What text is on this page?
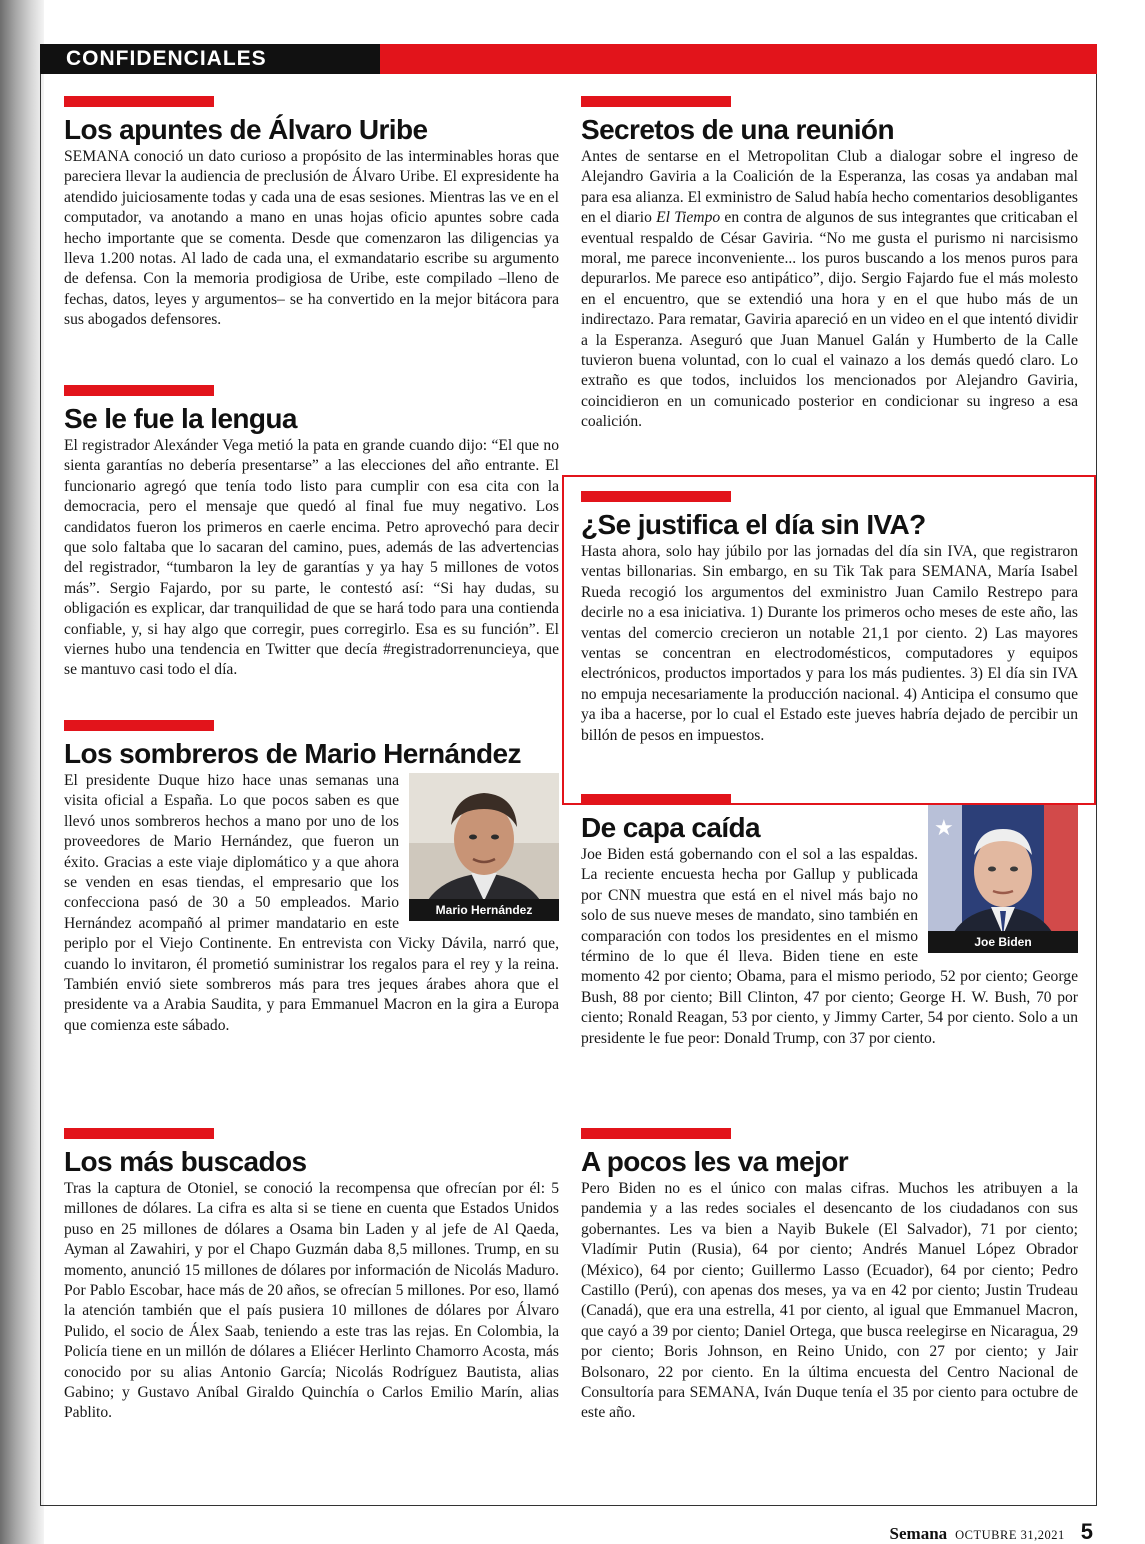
CONFIDENCIALES
Los apuntes de Álvaro Uribe

SEMANA conoció un dato curioso a propósito de las interminables horas que pareciera llevar la audiencia de preclusión de Álvaro Uribe. El expresidente ha atendido juiciosamente todas y cada una de esas sesiones. Mientras las ve en el computador, va anotando a mano en unas hojas oficio apuntes sobre cada hecho importante que se comenta. Desde que comenzaron las diligencias ya lleva 1.200 notas. Al lado de cada una, el exmandatario escribe su argumento de defensa. Con la memoria prodigiosa de Uribe, este compilado –lleno de fechas, datos, leyes y argumentos– se ha convertido en la mejor bitácora para sus abogados defensores.

Se le fue la lengua

El registrador Alexánder Vega metió la pata en grande cuando dijo: “El que no sienta garantías no debería presentarse” a las elecciones del año entrante. El funcionario agregó que tenía todo listo para cumplir con esa cita con la democracia, pero el mensaje que quedó al final fue muy negativo. Los candidatos fueron los primeros en caerle encima. Petro aprovechó para decir que solo faltaba que lo sacaran del camino, pues, además de las advertencias del registrador, “tumbaron la ley de garantías y ya hay 5 millones de votos más”. Sergio Fajardo, por su parte, le contestó así: “Si hay dudas, su obligación es explicar, dar tranquilidad de que se hará todo para una contienda confiable, y, si hay algo que corregir, pues corregirlo. Esa es su función”. El viernes hubo una tendencia en Twitter que decía #registradorrenuncieya, que se mantuvo casi todo el día.

Los sombreros de Mario Hernández

Mario Hernández
El presidente Duque hizo hace unas semanas una visita oficial a España. Lo que pocos saben es que llevó unos sombreros hechos a mano por uno de los proveedores de Mario Hernández, que fueron un éxito. Gracias a este viaje diplomático y a que ahora se venden en esas tiendas, el empresario que los confecciona pasó de 30 a 50 empleados. Mario Hernández acompañó al primer mandatario en este periplo por el Viejo Continente. En entrevista con Vicky Dávila, narró que, cuando lo invitaron, él prometió suministrar los regalos para el rey y la reina. También envió siete sombreros más para tres jeques árabes ahora que el presidente va a Arabia Saudita, y para Emmanuel Macron en la gira a Europa que comienza este sábado.

Los más buscados

Tras la captura de Otoniel, se conoció la recompensa que ofrecían por él: 5 millones de dólares. La cifra es alta si se tiene en cuenta que Estados Unidos puso en 25 millones de dólares a Osama bin Laden y al jefe de Al Qaeda, Ayman al Zawahiri, y por el Chapo Guzmán daba 8,5 millones. Trump, en su momento, anunció 15 millones de dólares por información de Nicolás Maduro. Por Pablo Escobar, hace más de 20 años, se ofrecían 5 millones. Por eso, llamó la atención también que el país pusiera 10 millones de dólares por Álvaro Pulido, el socio de Álex Saab, teniendo a este tras las rejas. En Colombia, la Policía tiene en un millón de dólares a Eliécer Herlinto Chamorro Acosta, más conocido por su alias Antonio García; Nicolás Rodríguez Bautista, alias Gabino; y Gustavo Aníbal Giraldo Quinchía o Carlos Emilio Marín, alias Pablito.

Secretos de una reunión

Antes de sentarse en el Metropolitan Club a dialogar sobre el ingreso de Alejandro Gaviria a la Coalición de la Esperanza, las cosas ya andaban mal para esa alianza. El exministro de Salud había hecho comentarios desobligantes en el diario El Tiempo en contra de algunos de sus integrantes que criticaban el eventual respaldo de César Gaviria. “No me gusta el purismo ni narcisismo moral, me parece inconveniente... los puros buscando a los menos puros para depurarlos. Me parece eso antipático”, dijo. Sergio Fajardo fue el más molesto en el encuentro, que se extendió una hora y en el que hubo más de un indirectazo. Para rematar, Gaviria apareció en un video en el que intentó dividir a la Esperanza. Aseguró que Juan Manuel Galán y Humberto de la Calle tuvieron buena voluntad, con lo cual el vainazo a los demás quedó claro. Lo extraño es que todos, incluidos los mencionados por Alejandro Gaviria, coincidieron en un comunicado posterior en condicionar su ingreso a esa coalición.

¿Se justifica el día sin IVA?

Hasta ahora, solo hay júbilo por las jornadas del día sin IVA, que registraron ventas billonarias. Sin embargo, en su Tik Tak para SEMANA, María Isabel Rueda recogió los argumentos del exministro Juan Camilo Restrepo para decirle no a esa iniciativa. 1) Durante los primeros ocho meses de este año, las ventas del comercio crecieron un notable 21,1 por ciento. 2) Las mayores ventas se concentran en electrodomésticos, computadores y equipos electrónicos, productos importados y para los más pudientes. 3) El día sin IVA no empuja necesariamente la producción nacional. 4) Anticipa el consumo que ya iba a hacerse, por lo cual el Estado este jueves habría dejado de percibir un billón de pesos en impuestos.

De capa caída	★
Joe Biden
Joe Biden está gobernando con el sol a las espaldas. La reciente encuesta hecha por Gallup y publicada por CNN muestra que está en el nivel más bajo no solo de sus nueve meses de mandato, sino también en comparación con todos los presidentes en el mismo término de lo que él lleva. Biden tiene en este momento 42 por ciento; Obama, para el mismo periodo, 52 por ciento; George Bush, 88 por ciento; Bill Clinton, 47 por ciento; George H. W. Bush, 70 por ciento; Ronald Reagan, 53 por ciento, y Jimmy Carter, 54 por ciento. Solo a un presidente le fue peor: Donald Trump, con 37 por ciento.

A pocos les va mejor

Pero Biden no es el único con malas cifras. Muchos les atribuyen a la pandemia y a las redes sociales el desencanto de los ciudadanos con sus gobernantes. Les va bien a Nayib Bukele (El Salvador), 71 por ciento; Vladímir Putin (Rusia), 64 por ciento; Andrés Manuel López Obrador (México), 64 por ciento; Guillermo Lasso (Ecuador), 64 por ciento; Pedro Castillo (Perú), con apenas dos meses, ya va en 42 por ciento; Justin Trudeau (Canadá), que era una estrella, 41 por ciento, al igual que Emmanuel Macron, que cayó a 39 por ciento; Daniel Ortega, que busca reelegirse en Nicaragua, 29 por ciento; Boris Johnson, en Reino Unido, con 27 por ciento; y Jair Bolsonaro, 22 por ciento. En la última encuesta del Centro Nacional de Consultoría para SEMANA, Iván Duque tenía el 35 por ciento para octubre de este año.

Semana OCTUBRE 31,2021 5
